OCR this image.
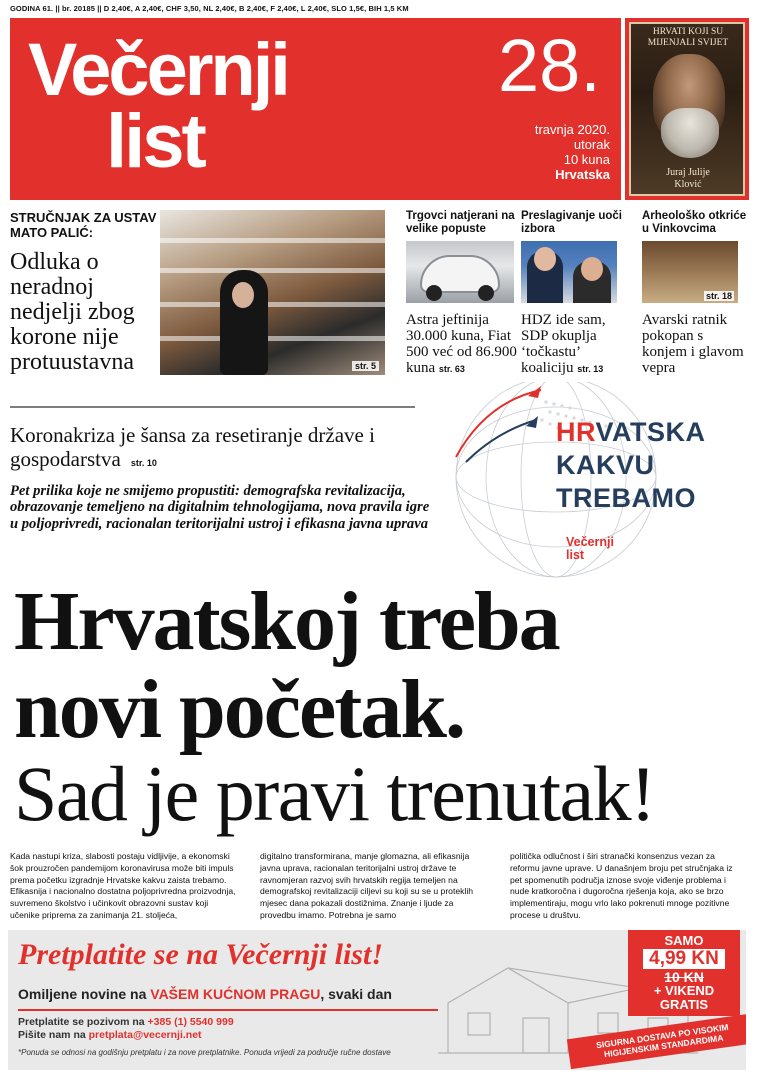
GODINA 61. || br. 20185 || D 2,40€, A 2,40€, CHF 3,50, NL 2,40€, B 2,40€, F 2,40€, L 2,40€, SLO 1,5€, BIH 1,5 KM
Večernji
list
28.
travnja 2020.
utorak
10 kuna
Hrvatska
HRVATI KOJI SU MIJENJALI SVIJET
Juraj Julije
Klović
STRUČNJAK ZA USTAV MATO PALIĆ:
Odluka o neradnoj nedjelji zbog korone nije protuustavna	str. 5
Trgovci natjerani na velike popuste
Astra jeftinija 30.000 kuna, Fiat 500 već od 86.900 kuna str. 63
Preslagivanje uoči izbora
HDZ ide sam, SDP okuplja ‘točkastu’ koaliciju str. 13
Arheološko otkriće u Vinkovcima
str. 18
Avarski ratnik pokopan s konjem i glavom vepra
Koronakriza je šansa za resetiranje države i gospodarstva str. 10
Pet prilika koje ne smijemo propustiti: demografska revitalizacija, obrazovanje temeljeno na digitalnim tehnologijama, nova pravila igre u poljoprivredi, racionalan teritorijalni ustroj i efikasna javna uprava
HRVATSKA
KAKVU
TREBAMO
Večernji
list
Hrvatskoj treba
novi početak.
Sad je pravi trenutak!
Kada nastupi kriza, slabosti postaju vidljivije, a ekonomski šok prouzročen pandemijom koronavirusa može biti impuls prema početku izgradnje Hrvatske kakvu zaista trebamo. Efikasnija i nacionalno dostatna poljoprivredna proizvodnja, suvremeno školstvo i učinkovit obrazovni sustav koji učenike priprema za zanimanja 21. stoljeća,
digitalno transformirana, manje glomazna, ali efikasnija javna uprava, racionalan teritorijalni ustroj države te ravnomjeran razvoj svih hrvatskih regija temeljen na demografskoj revitalizaciji ciljevi su koji su se u proteklih mjesec dana pokazali dostižnima. Znanje i ljude za provedbu imamo. Potrebna je samo
politička odlučnost i širi stranački konsenzus vezan za reformu javne uprave. U današnjem broju pet stručnjaka iz pet spomenutih područja iznose svoje viđenje problema i nude kratkoročna i dugoročna rješenja koja, ako se brzo implementiraju, mogu vrlo lako pokrenuti mnoge pozitivne procese u društvu.
Pretplatite se na Večernji list!
Omiljene novine na VAŠEM KUĆNOM PRAGU, svaki dan
Pretplatite se pozivom na +385 (1) 5540 999
Pišite nam na pretplata@vecernji.net
*Ponuda se odnosi na godišnju pretplatu i za nove pretplatnike. Ponuda vrijedi za područje ručne dostave
SAMO
4,99 KN
10 KN
+ VIKEND GRATIS
SIGURNA DOSTAVA PO VISOKIM HIGIJENSKIM STANDARDIMA
